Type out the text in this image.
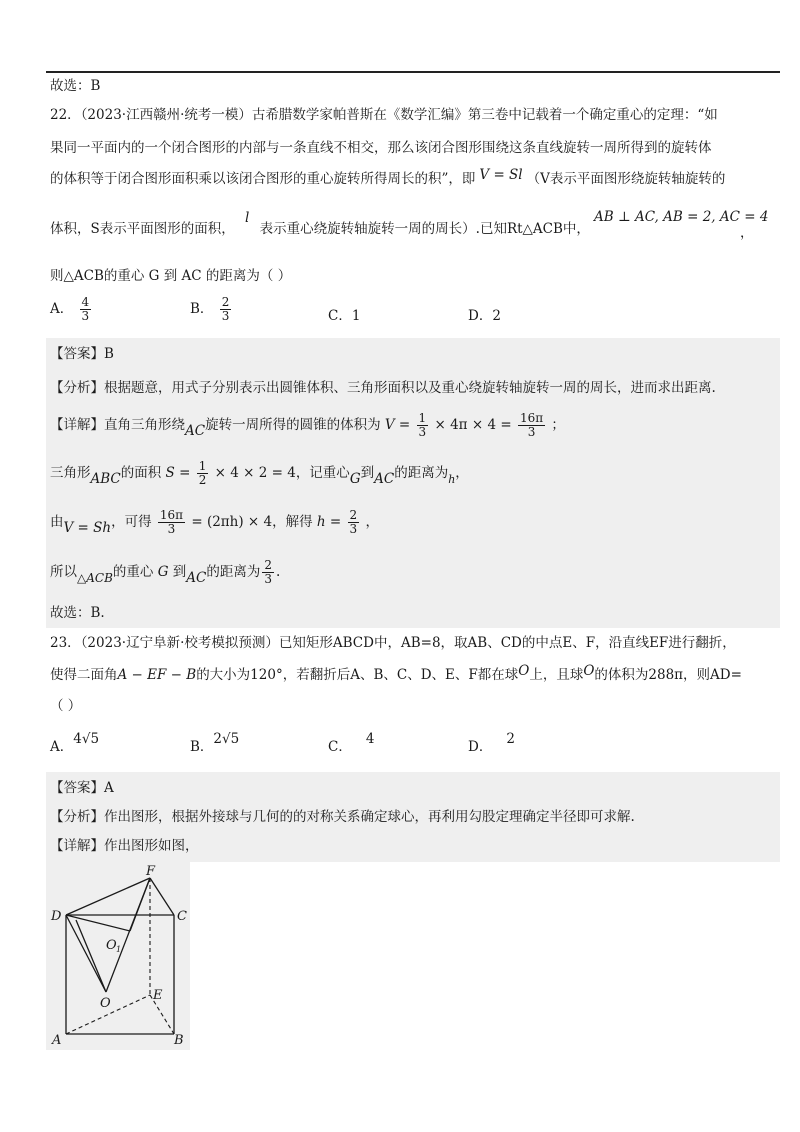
故选：B
22．（2023·江西赣州·统考一模）古希腊数学家帕普斯在《数学汇编》第三卷中记载着一个确定重心的定理：“如
果同一平面内的一个闭合图形的内部与一条直线不相交，那么该闭合图形围绕这条直线旋转一周所得到的旋转体
的体积等于闭合图形面积乘以该闭合图形的重心旋转所得周长的积”，即 V = Sl （V表示平面图形绕旋转轴旋转的
体积，S表示平面图形的面积， l 表示重心绕旋转轴旋转一周的周长）.已知Rt△ACB中，
AB ⊥ AC, AB = 2, AC = 4
，
则△ACB的重心 G 到 AC 的距离为（ ）
A． $\frac{4}{3}$	B． $\frac{2}{3}$	C．1	D．2
【答案】B
【分析】根据题意，用式子分别表示出圆锥体积、三角形面积以及重心绕旋转轴旋转一周的周长，进而求出距离.
【详解】直角三角形绕AC旋转一周所得的圆锥的体积为 $V = \frac{1}{3} \times 4\pi \times 4 = \frac{16\pi}{3}$ ；
三角形ABC的面积 $S = \frac{1}{2} \times 4 \times 2 = 4$，记重心G到AC的距离为$_h$，
由V = Sh，可得 $\frac{16\pi}{3} = (2\pi h) \times 4$，解得 $h = \frac{2}{3}$ ，
所以△ACB的重心 G 到AC的距离为 $\frac{2}{3}$ .
故选：B.
23．（2023·辽宁阜新·校考模拟预测）已知矩形ABCD中，AB=8，取AB、CD的中点E、F，沿直线EF进行翻折，
使得二面角A − EF − B的大小为120°，若翻折后A、B、C、D、E、F都在球O上，且球O的体积为288π，则AD=
（ ）
A．4√5	B．2√5	C． 4	D． 2
【答案】A
【分析】作出图形，根据外接球与几何的的对称关系确定球心，再利用勾股定理确定半径即可求解.
【详解】作出图形如图，
F
D	C
O 1
O
E
A	B
